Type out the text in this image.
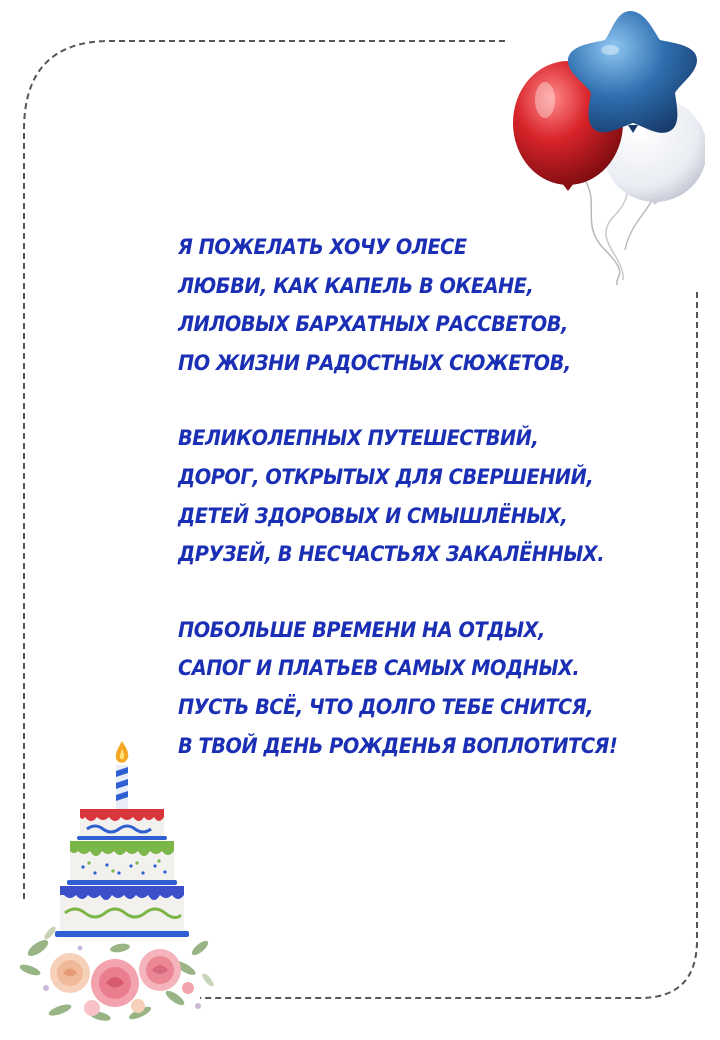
Я ПОЖЕЛАТЬ ХОЧУ ОЛЕСЕ
ЛЮБВИ, КАК КАПЕЛЬ В ОКЕАНЕ,
ЛИЛОВЫХ БАРХАТНЫХ РАССВЕТОВ,
ПО ЖИЗНИ РАДОСТНЫХ СЮЖЕТОВ,
ВЕЛИКОЛЕПНЫХ ПУТЕШЕСТВИЙ,
ДОРОГ, ОТКРЫТЫХ ДЛЯ СВЕРШЕНИЙ,
ДЕТЕЙ ЗДОРОВЫХ И СМЫШЛЁНЫХ,
ДРУЗЕЙ, В НЕСЧАСТЬЯХ ЗАКАЛЁННЫХ.
ПОБОЛЬШЕ ВРЕМЕНИ НА ОТДЫХ,
САПОГ И ПЛАТЬЕВ САМЫХ МОДНЫХ.
ПУСТЬ ВСЁ, ЧТО ДОЛГО ТЕБЕ СНИТСЯ,
В ТВОЙ ДЕНЬ РОЖДЕНЬЯ ВОПЛОТИТСЯ!
